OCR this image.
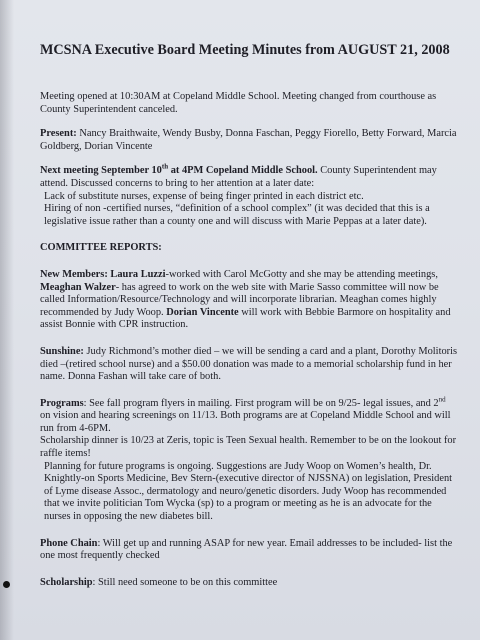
MCSNA Executive Board Meeting Minutes from AUGUST 21, 2008

Meeting opened at 10:30AM at Copeland Middle School. Meeting changed from courthouse as County Superintendent canceled.

Present: Nancy Braithwaite, Wendy Busby, Donna Faschan, Peggy Fiorello, Betty Forward, Marcia Goldberg, Dorian Vincente

Next meeting September 10th at 4PM Copeland Middle School. County Superintendent may attend. Discussed concerns to bring to her attention at a later date:

Lack of substitute nurses, expense of being finger printed in each district etc.

Hiring of non -certified nurses, “definition of a school complex” (it was decided that this is a legislative issue rather than a county one and will discuss with Marie Peppas at a later date).

COMMITTEE REPORTS:

New Members: Laura Luzzi-worked with Carol McGotty and she may be attending meetings, Meaghan Walzer- has agreed to work on the web site with Marie Sasso committee will now be called Information/Resource/Technology and will incorporate librarian. Meaghan comes highly recommended by Judy Woop. Dorian Vincente will work with Bebbie Barmore on hospitality and assist Bonnie with CPR instruction.

Sunshine: Judy Richmond’s mother died – we will be sending a card and a plant, Dorothy Molitoris died –(retired school nurse) and a $50.00 donation was made to a memorial scholarship fund in her name. Donna Fashan will take care of both.

Programs: See fall program flyers in mailing. First program will be on 9/25- legal issues, and 2nd on vision and hearing screenings on 11/13. Both programs are at Copeland Middle School and will run from 4-6PM.

Scholarship dinner is 10/23 at Zeris, topic is Teen Sexual health. Remember to be on the lookout for raffle items!

Planning for future programs is ongoing. Suggestions are Judy Woop on Women’s health, Dr. Knightly-on Sports Medicine, Bev Stern-(executive director of NJSSNA) on legislation, President of Lyme disease Assoc., dermatology and neuro/genetic disorders. Judy Woop has recommended that we invite politician Tom Wycka (sp) to a program or meeting as he is an advocate for the nurses in opposing the new diabetes bill.

Phone Chain: Will get up and running ASAP for new year. Email addresses to be included- list the one most frequently checked

Scholarship: Still need someone to be on this committee
